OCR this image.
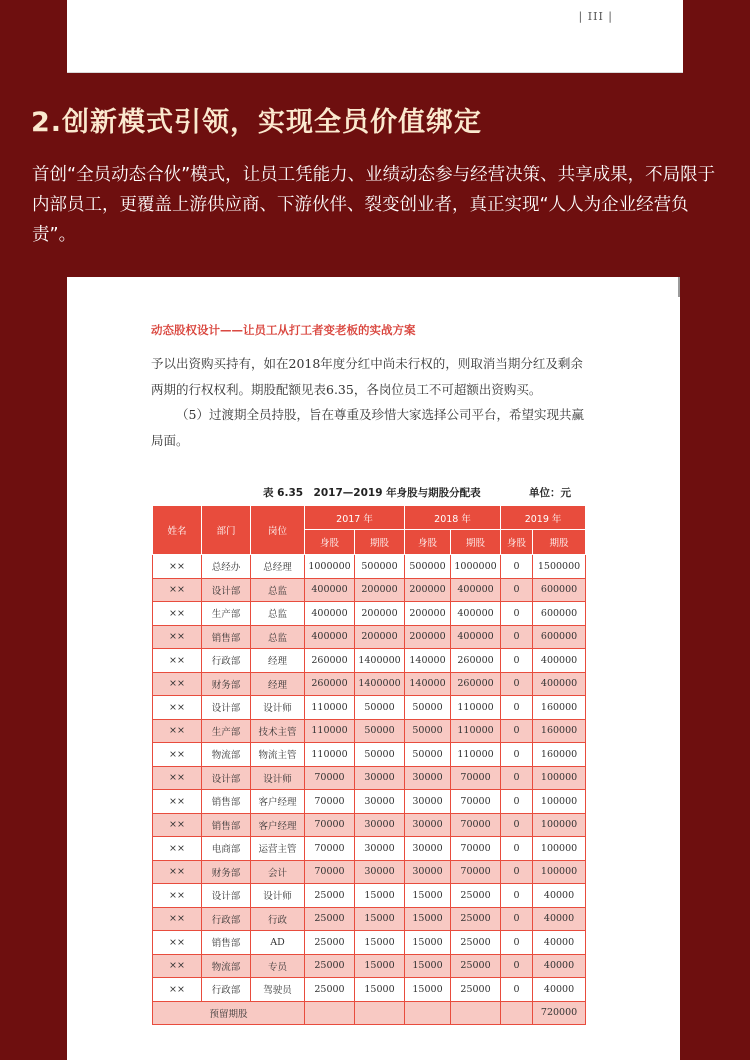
| III |
2.创新模式引领，实现全员价值绑定

首创“全员动态合伙”模式，让员工凭能力、业绩动态参与经营决策、共享成果，不局限于内部员工，更覆盖上游供应商、下游伙伴、裂变创业者，真正实现“人人为企业经营负责”。

动态股权设计——让员工从打工者变老板的实战方案

予以出资购买持有，如在2018年度分红中尚未行权的，则取消当期分红及剩余两期的行权权利。期股配额见表6.35，各岗位员工不可超额出资购买。

（5）过渡期全员持股，旨在尊重及珍惜大家选择公司平台，希望实现共赢局面。

表 6.35　2017—2019 年身股与期股分配表	单位：元
姓名	部门	岗位	2017 年		2018 年		2019 年	
			身股	期股	身股	期股	身股	期股
××	总经办	总经理	1000000	500000	500000	1000000	0	1500000
××	设计部	总监	400000	200000	200000	400000	0	600000
××	生产部	总监	400000	200000	200000	400000	0	600000
××	销售部	总监	400000	200000	200000	400000	0	600000
××	行政部	经理	260000	1400000	140000	260000	0	400000
××	财务部	经理	260000	1400000	140000	260000	0	400000
××	设计部	设计师	110000	50000	50000	110000	0	160000
××	生产部	技术主管	110000	50000	50000	110000	0	160000
××	物流部	物流主管	110000	50000	50000	110000	0	160000
××	设计部	设计师	70000	30000	30000	70000	0	100000
××	销售部	客户经理	70000	30000	30000	70000	0	100000
××	销售部	客户经理	70000	30000	30000	70000	0	100000
××	电商部	运营主管	70000	30000	30000	70000	0	100000
××	财务部	会计	70000	30000	30000	70000	0	100000
××	设计部	设计师	25000	15000	15000	25000	0	40000
××	行政部	行政	25000	15000	15000	25000	0	40000
××	销售部	AD	25000	15000	15000	25000	0	40000
××	物流部	专员	25000	15000	15000	25000	0	40000
××	行政部	驾驶员	25000	15000	15000	25000	0	40000
预留期股								720000
